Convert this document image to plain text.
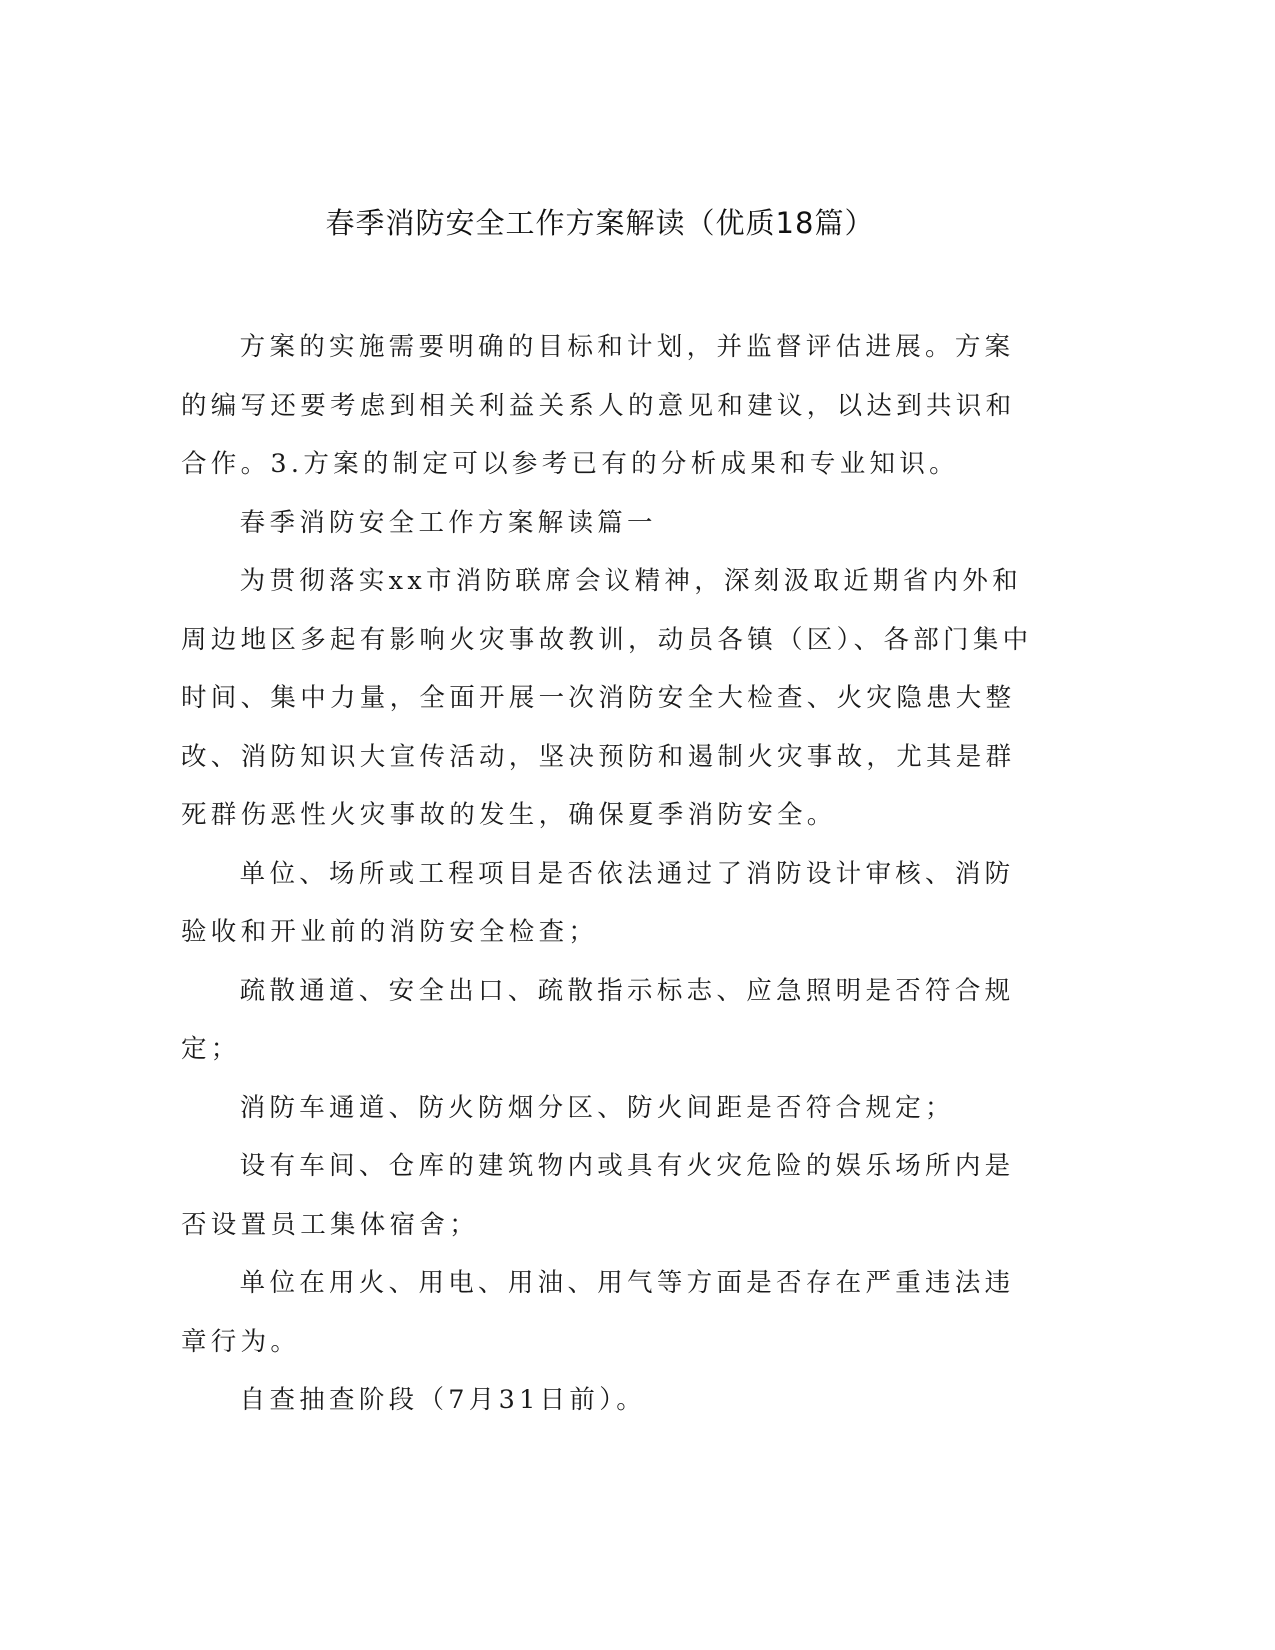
春季消防安全工作方案解读（优质18篇）

方案的实施需要明确的目标和计划，并监督评估进展。方案的编写还要考虑到相关利益关系人的意见和建议，以达到共识和合作。3.方案的制定可以参考已有的分析成果和专业知识。

春季消防安全工作方案解读篇一

为贯彻落实xx市消防联席会议精神，深刻汲取近期省内外和周边地区多起有影响火灾事故教训，动员各镇（区）、各部门集中时间、集中力量，全面开展一次消防安全大检查、火灾隐患大整改、消防知识大宣传活动，坚决预防和遏制火灾事故，尤其是群死群伤恶性火灾事故的发生，确保夏季消防安全。

单位、场所或工程项目是否依法通过了消防设计审核、消防验收和开业前的消防安全检查；

疏散通道、安全出口、疏散指示标志、应急照明是否符合规定；

消防车通道、防火防烟分区、防火间距是否符合规定；

设有车间、仓库的建筑物内或具有火灾危险的娱乐场所内是否设置员工集体宿舍；

单位在用火、用电、用油、用气等方面是否存在严重违法违章行为。

自查抽查阶段（7月31日前）。
